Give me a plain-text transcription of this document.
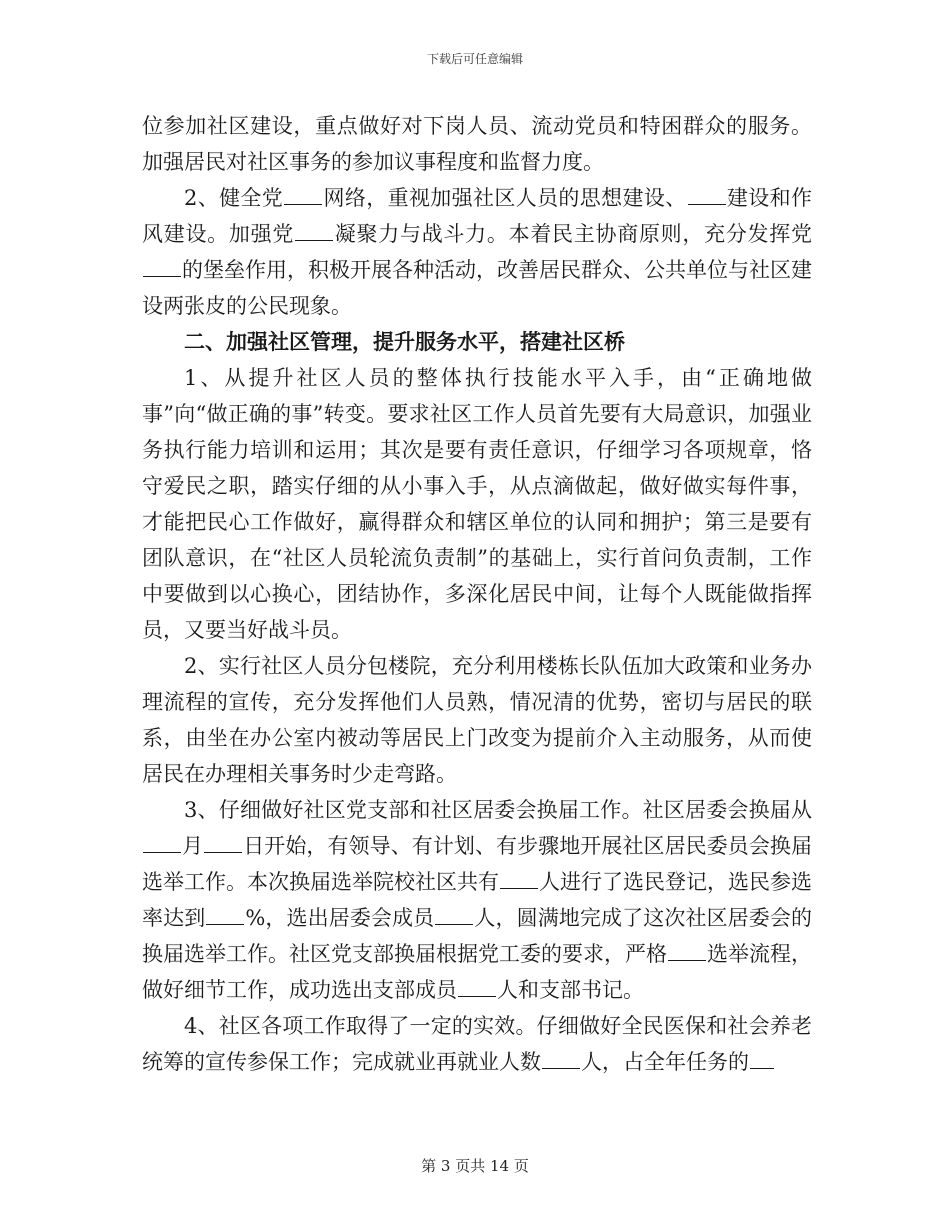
下载后可任意编辑

位参加社区建设，重点做好对下岗人员、流动党员和特困群众的服务。加强居民对社区事务的参加议事程度和监督力度。

2、健全党 网络，重视加强社区人员的思想建设、 建设和作风建设。加强党 凝聚力与战斗力。本着民主协商原则，充分发挥党的堡垒作用，积极开展各种活动，改善居民群众、公共单位与社区建设两张皮的公民现象。

二、加强社区管理，提升服务水平，搭建社区桥

1、从提升社区人员的整体执行技能水平入手，由“正确地做事”向“做正确的事”转变。要求社区工作人员首先要有大局意识，加强业务执行能力培训和运用；其次是要有责任意识，仔细学习各项规章，恪守爱民之职，踏实仔细的从小事入手，从点滴做起，做好做实每件事，才能把民心工作做好，赢得群众和辖区单位的认同和拥护；第三是要有团队意识，在“社区人员轮流负责制”的基础上，实行首问负责制，工作中要做到以心换心，团结协作，多深化居民中间，让每个人既能做指挥员，又要当好战斗员。

2、实行社区人员分包楼院，充分利用楼栋长队伍加大政策和业务办理流程的宣传，充分发挥他们人员熟，情况清的优势，密切与居民的联系，由坐在办公室内被动等居民上门改变为提前介入主动服务，从而使居民在办理相关事务时少走弯路。

3、仔细做好社区党支部和社区居委会换届工作。社区居委会换届从月 日开始，有领导、有计划、有步骤地开展社区居民委员会换届选举工作。本次换届选举院校社区共有 人进行了选民登记，选民参选率达到 %，选出居委会成员 人，圆满地完成了这次社区居委会的换届选举工作。社区党支部换届根据党工委的要求，严格 选举流程，做好细节工作，成功选出支部成员 人和支部书记。

4、社区各项工作取得了一定的实效。仔细做好全民医保和社会养老统筹的宣传参保工作；完成就业再就业人数 人，占全年任务的

第 3 页共 14 页
